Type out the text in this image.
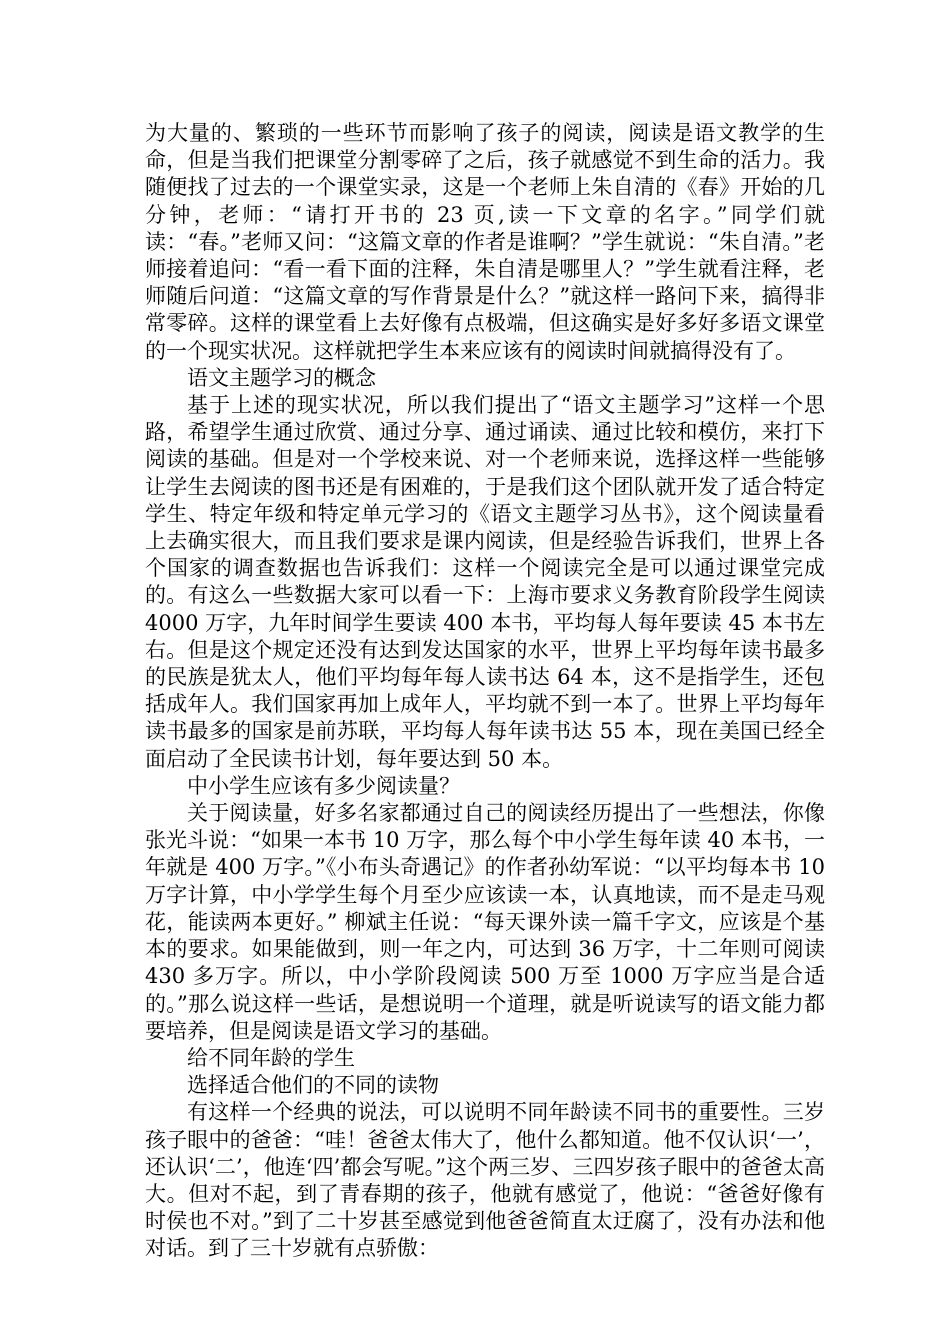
为大量的、繁琐的一些环节而影响了孩子的阅读，阅读是语文教学的生命，但是当我们把课堂分割零碎了之后，孩子就感觉不到生命的活力。我随便找了过去的一个课堂实录，这是一个老师上朱自清的《春》开始的几分钟，老师：“请打开书的 23 页,读一下文章的名字。”同学们就读：“春。”老师又问：“这篇文章的作者是谁啊？”学生就说：“朱自清。”老师接着追问：“看一看下面的注释，朱自清是哪里人？”学生就看注释，老师随后问道：“这篇文章的写作背景是什么？”就这样一路问下来，搞得非常零碎。这样的课堂看上去好像有点极端，但这确实是好多好多语文课堂的一个现实状况。这样就把学生本来应该有的阅读时间就搞得没有了。

语文主题学习的概念

基于上述的现实状况，所以我们提出了“语文主题学习”这样一个思路，希望学生通过欣赏、通过分享、通过诵读、通过比较和模仿，来打下阅读的基础。但是对一个学校来说、对一个老师来说，选择这样一些能够让学生去阅读的图书还是有困难的，于是我们这个团队就开发了适合特定学生、特定年级和特定单元学习的《语文主题学习丛书》，这个阅读量看上去确实很大，而且我们要求是课内阅读，但是经验告诉我们，世界上各个国家的调查数据也告诉我们：这样一个阅读完全是可以通过课堂完成的。有这么一些数据大家可以看一下：上海市要求义务教育阶段学生阅读 4000 万字，九年时间学生要读 400 本书，平均每人每年要读 45 本书左右。但是这个规定还没有达到发达国家的水平，世界上平均每年读书最多的民族是犹太人，他们平均每年每人读书达 64 本，这不是指学生，还包括成年人。我们国家再加上成年人，平均就不到一本了。世界上平均每年读书最多的国家是前苏联，平均每人每年读书达 55 本，现在美国已经全面启动了全民读书计划，每年要达到 50 本。

中小学生应该有多少阅读量？

关于阅读量，好多名家都通过自己的阅读经历提出了一些想法，你像张光斗说：“如果一本书 10 万字，那么每个中小学生每年读 40 本书，一年就是 400 万字。”《小布头奇遇记》的作者孙幼军说：“以平均每本书 10 万字计算，中小学学生每个月至少应该读一本，认真地读，而不是走马观花，能读两本更好。” 柳斌主任说：“每天课外读一篇千字文，应该是个基本的要求。如果能做到，则一年之内，可达到 36 万字，十二年则可阅读 430 多万字。所以，中小学阶段阅读 500 万至 1000 万字应当是合适的。”那么说这样一些话，是想说明一个道理，就是听说读写的语文能力都要培养，但是阅读是语文学习的基础。

给不同年龄的学生
选择适合他们的不同的读物

有这样一个经典的说法，可以说明不同年龄读不同书的重要性。三岁孩子眼中的爸爸：“哇！爸爸太伟大了，他什么都知道。他不仅认识‘一’，还认识‘二’，他连‘四’都会写呢。”这个两三岁、三四岁孩子眼中的爸爸太高大。但对不起，到了青春期的孩子，他就有感觉了，他说：“爸爸好像有时侯也不对。”到了二十岁甚至感觉到他爸爸简直太迂腐了，没有办法和他对话。到了三十岁就有点骄傲：
